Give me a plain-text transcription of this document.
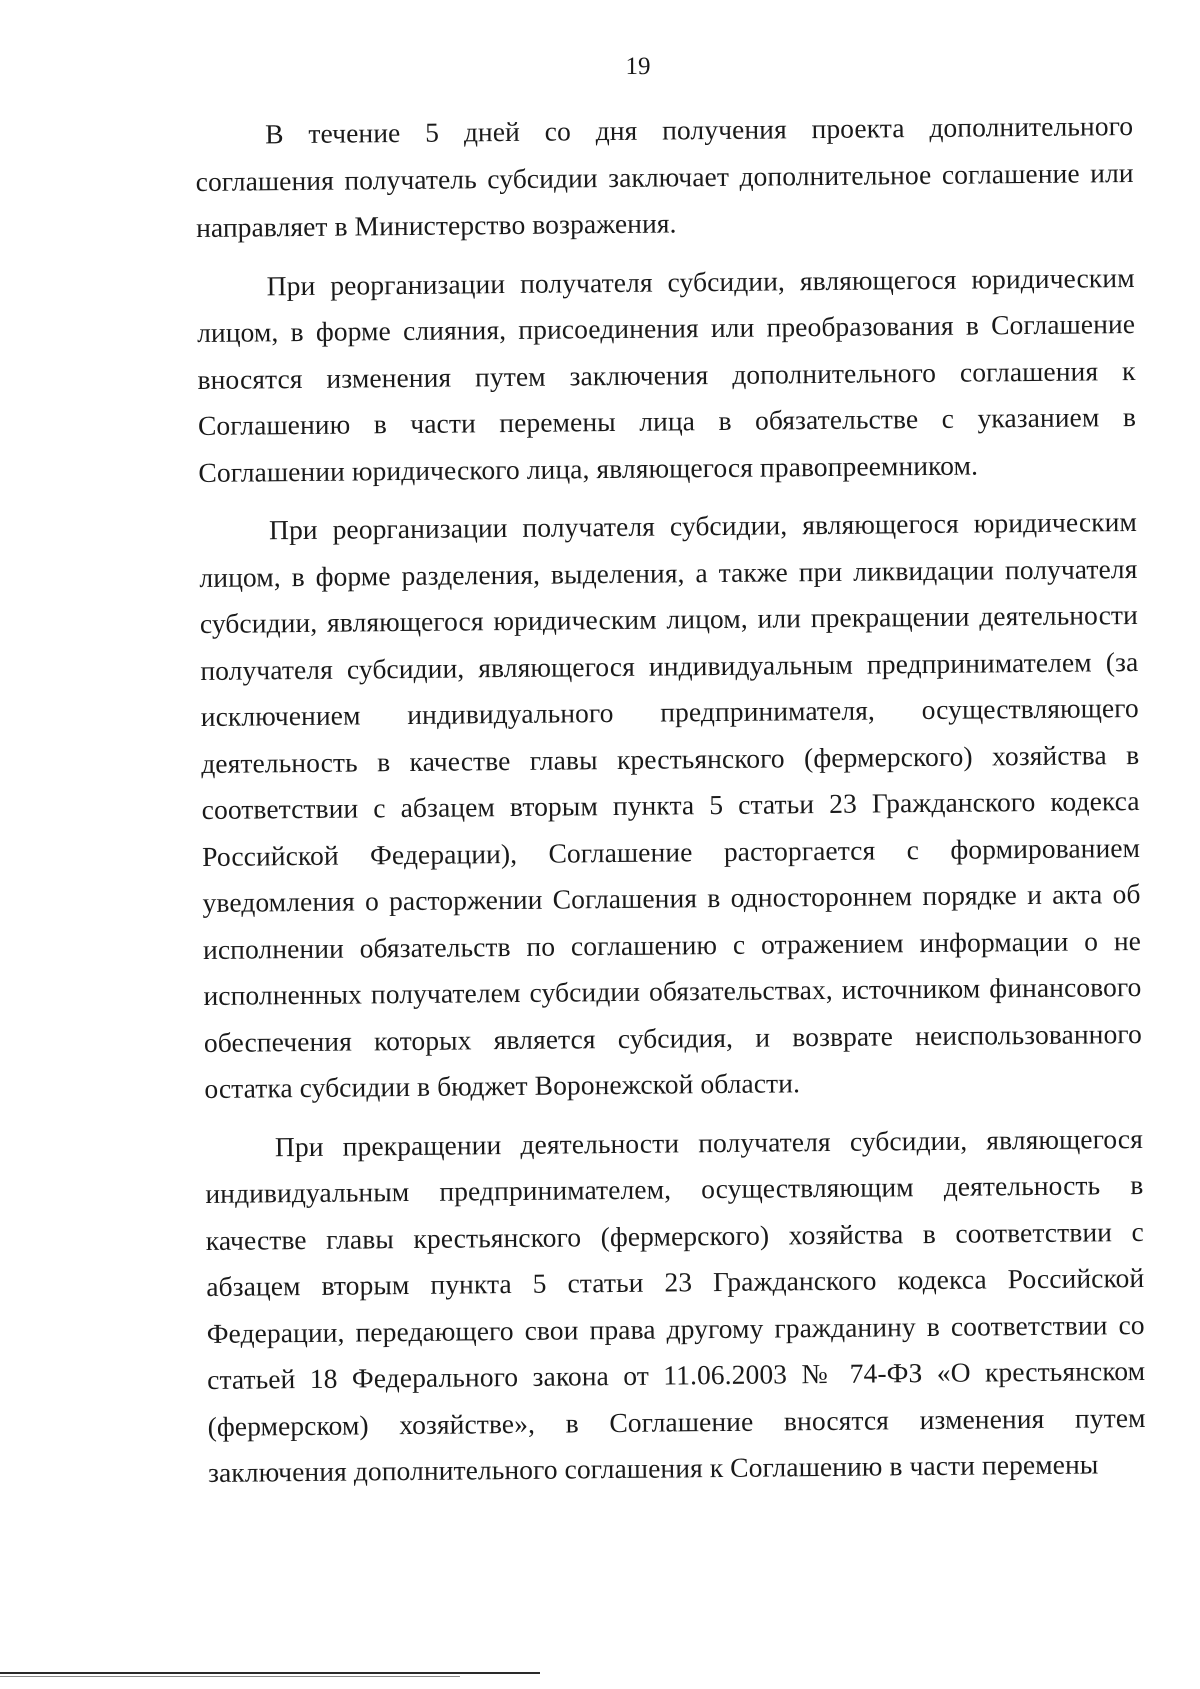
19

В течение 5 дней со дня получения проекта дополнительного соглашения получатель субсидии заключает дополнительное соглашение или направляет в Министерство возражения.

При реорганизации получателя субсидии, являющегося юридическим лицом, в форме слияния, присоединения или преобразования в Соглашение вносятся изменения путем заключения дополнительного соглашения к Соглашению в части перемены лица в обязательстве с указанием в Соглашении юридического лица, являющегося правопреемником.

При реорганизации получателя субсидии, являющегося юридическим лицом, в форме разделения, выделения, а также при ликвидации получателя субсидии, являющегося юридическим лицом, или прекращении деятельности получателя субсидии, являющегося индивидуальным предпринимателем (за исключением индивидуального предпринимателя, осуществляющего деятельность в качестве главы крестьянского (фермерского) хозяйства в соответствии с абзацем вторым пункта 5 статьи 23 Гражданского кодекса Российской Федерации), Соглашение расторгается с формированием уведомления о расторжении Соглашения в одностороннем порядке и акта об исполнении обязательств по соглашению с отражением информации о не исполненных получателем субсидии обязательствах, источником финансового обеспечения которых является субсидия, и возврате неиспользованного остатка субсидии в бюджет Воронежской области.

При прекращении деятельности получателя субсидии, являющегося индивидуальным предпринимателем, осуществляющим деятельность в качестве главы крестьянского (фермерского) хозяйства в соответствии с абзацем вторым пункта 5 статьи 23 Гражданского кодекса Российской Федерации, передающего свои права другому гражданину в соответствии со статьей 18 Федерального закона от 11.06.2003 № 74-ФЗ «О крестьянском (фермерском) хозяйстве», в Соглашение вносятся изменения путем заключения дополнительного соглашения к Соглашению в части перемены
